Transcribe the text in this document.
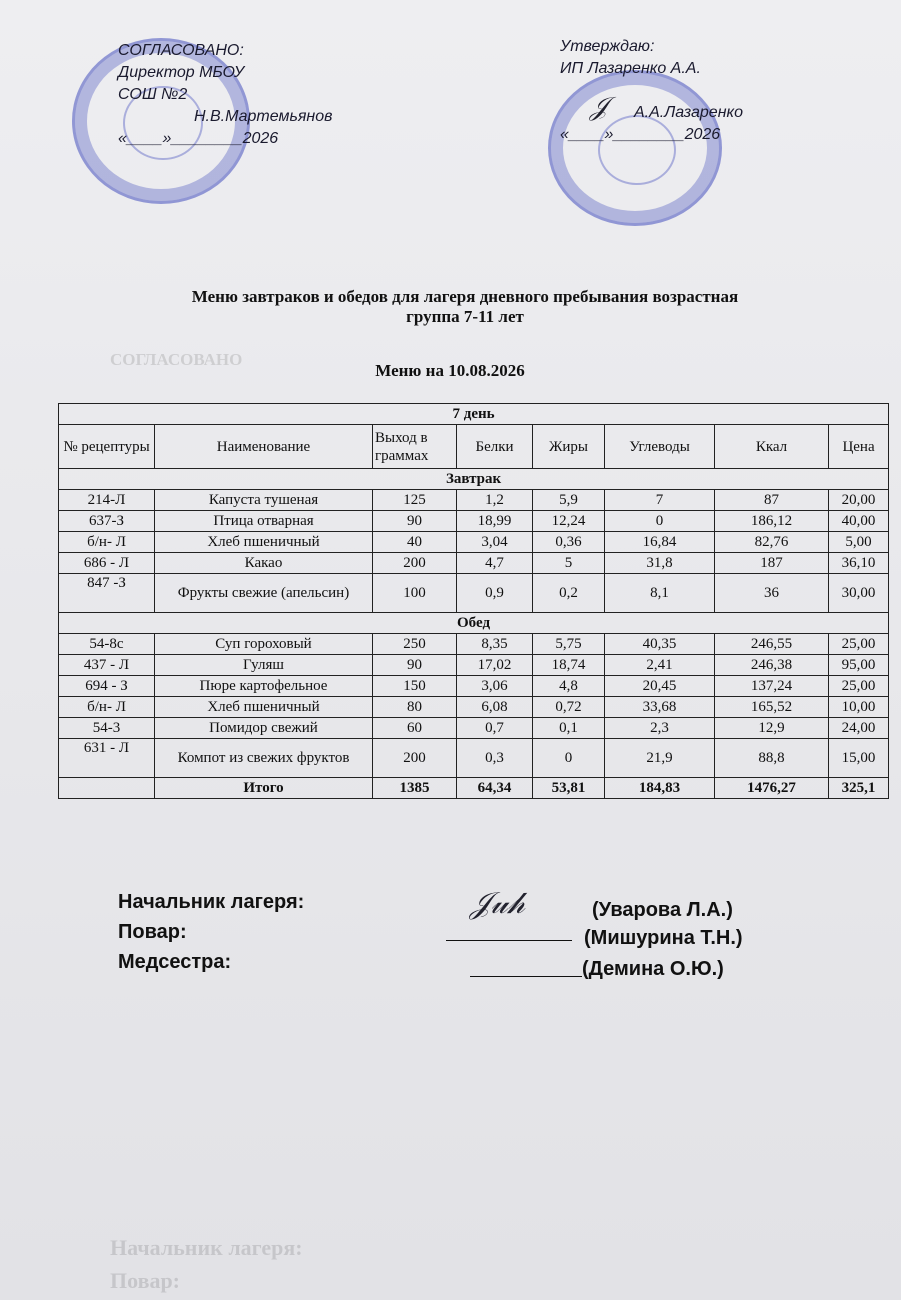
СОГЛАСОВАНО:
Директор МБОУ
СОШ №2
Н.В.Мартемьянов
«____»________2026
Утверждаю:
ИП Лазаренко А.А.
А.А.Лазаренко
«____»________2026
𝒥
Меню завтраков и обедов для лагеря дневного пребывания возрастная
группа 7-11 лет
Меню на 10.08.2026
СОГЛАСОВАНО
Начальник лагеря:
Повар:
7 день							
№ рецептуры	Наименование	Выход в граммах	Белки	Жиры	Углеводы	Ккал	Цена
Завтрак							
214-Л	Капуста тушеная	125	1,2	5,9	7	87	20,00
637-З	Птица отварная	90	18,99	12,24	0	186,12	40,00
б/н- Л	Хлеб пшеничный	40	3,04	0,36	16,84	82,76	5,00
686 - Л	Какао	200	4,7	5	31,8	187	36,10
847 -З	Фрукты свежие (апельсин)	100	0,9	0,2	8,1	36	30,00
Обед							
54-8с	Суп гороховый	250	8,35	5,75	40,35	246,55	25,00
437 - Л	Гуляш	90	17,02	18,74	2,41	246,38	95,00
694 - З	Пюре картофельное	150	3,06	4,8	20,45	137,24	25,00
б/н- Л	Хлеб пшеничный	80	6,08	0,72	33,68	165,52	10,00
54-3	Помидор свежий	60	0,7	0,1	2,3	12,9	24,00
631 - Л	Компот из свежих фруктов	200	0,3	0	21,9	88,8	15,00
	Итого	1385	64,34	53,81	184,83	1476,27	325,1
Начальник лагеря:	(Уварова Л.А.)
Повар:	(Мишурина Т.Н.)
Медсестра:	(Демина О.Ю.)
𝒥𝓊𝒽
